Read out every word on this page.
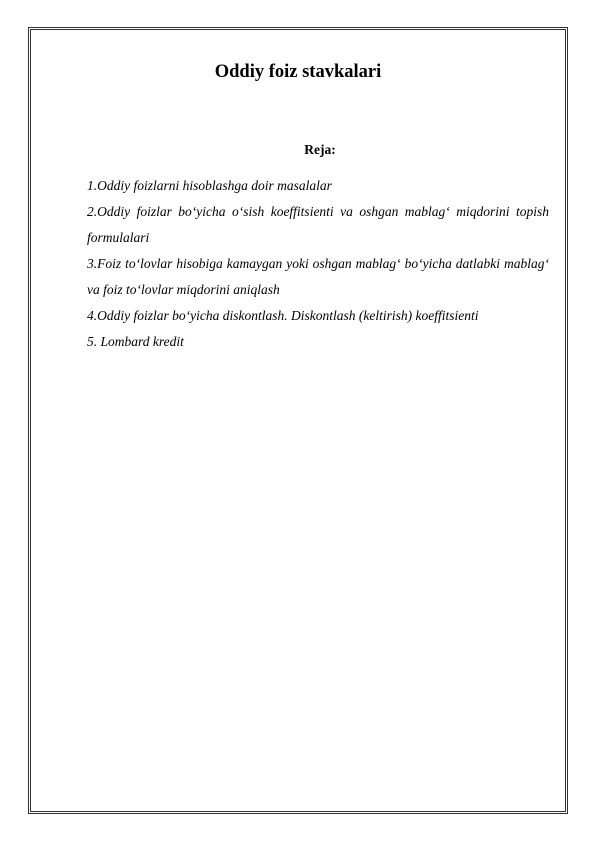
Oddiy foiz stavkalari
Reja:
1.Oddiy foizlarni hisoblashga doir masalalar
2.Oddiy foizlar bo‘yicha o‘sish koeffitsienti va oshgan mablag‘ miqdorini topish formulalari
3.Foiz to‘lovlar hisobiga kamaygan yoki oshgan mablag‘ bo‘yicha datlabki mablag‘ va foiz to‘lovlar miqdorini aniqlash
4.Oddiy foizlar bo‘yicha diskontlash. Diskontlash (keltirish) koeffitsienti
5. Lombard kredit
